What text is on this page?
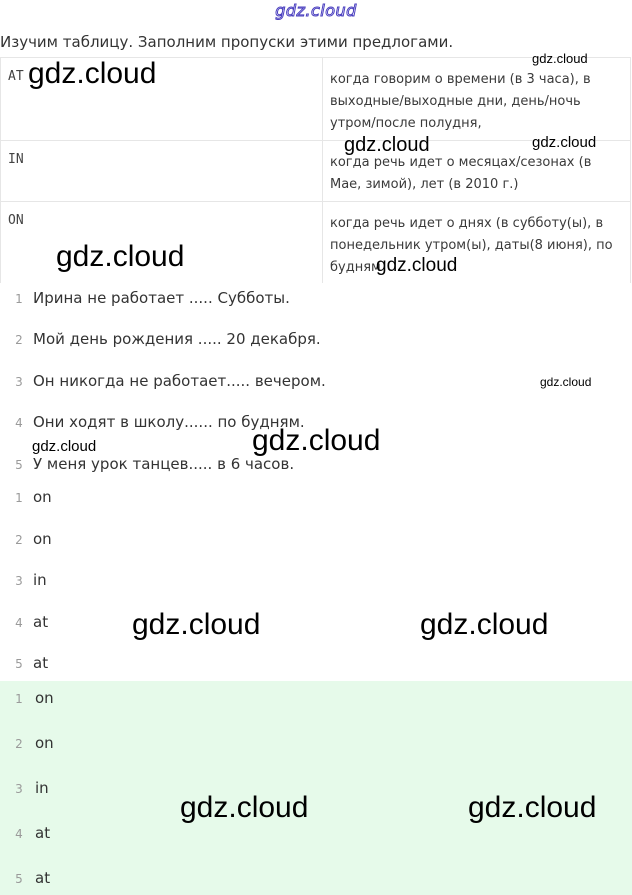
gdz.cloud
Изучим таблицу. Заполним пропуски этими предлогами.
AT	когда говорим о времени (в 3 часа), в выходные/выходные дни, день/ночь утром/после полудня,
IN	когда речь идет о месяцах/сезонах (в Мае, зимой), лет (в 2010 г.)
ON	когда речь идет о днях (в субботу(ы), в понедельник утром(ы), даты(8 июня), по будням
1 Ирина не работает ..... Субботы.
2 Мой день рождения ..... 20 декабря.
3 Он никогда не работает..... вечером.
4 Они ходят в школу...... по будням.
5 У меня урок танцев..... в 6 часов.
1 on
2 on
3 in
4 at
5 at
1 on
2 on
3 in
4 at
5 at
gdz.cloud	gdz.cloud
gdz.cloud	gdz.cloud
gdz.cloud	gdz.cloud
gdz.cloud
gdz.cloud	gdz.cloud
gdz.cloud	gdz.cloud
gdz.cloud	gdz.cloud
